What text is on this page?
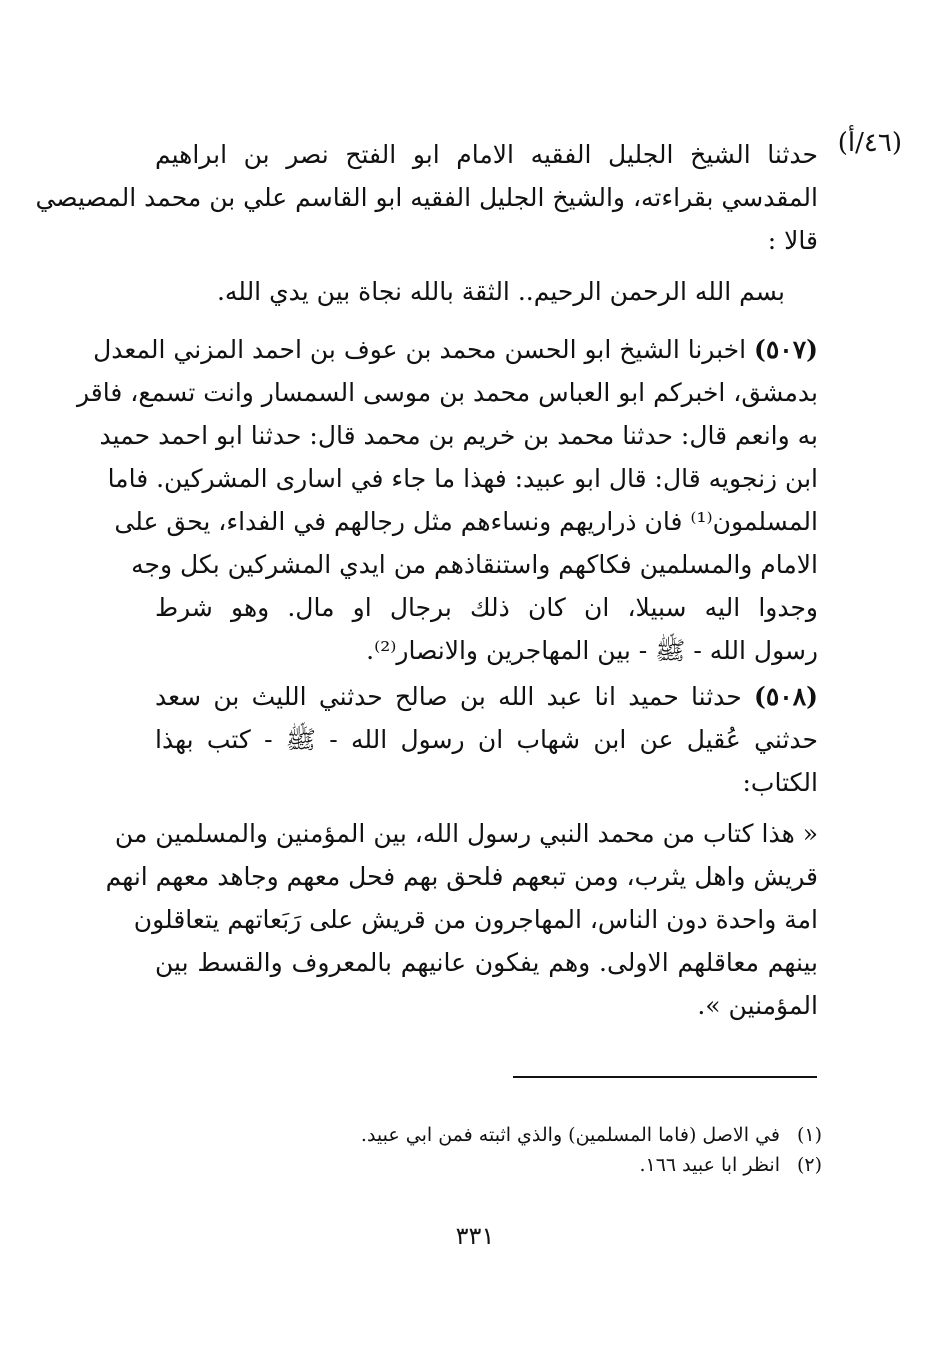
(٤٦/أ)
حدثنا الشيخ الجليل الفقيه الامام ابو الفتح نصر بن ابراهيم
المقدسي بقراءته، والشيخ الجليل الفقيه ابو القاسم علي بن محمد المصيصي
قالا :
بسم الله الرحمن الرحيم.. الثقة بالله نجاة بين يدي الله.
(٥٠٧) اخبرنا الشيخ ابو الحسن محمد بن عوف بن احمد المزني المعدل
بدمشق، اخبركم ابو العباس محمد بن موسى السمسار وانت تسمع، فاقر
به وانعم قال: حدثنا محمد بن خريم بن محمد قال: حدثنا ابو احمد حميد
ابن زنجويه قال: قال ابو عبيد: فهذا ما جاء في اسارى المشركين. فاما
المسلمون⁽¹⁾ فان ذراريهم ونساءهم مثل رجالهم في الفداء، يحق على
الامام والمسلمين فكاكهم واستنقاذهم من ايدي المشركين بكل وجه
وجدوا اليه سبيلا، ان كان ذلك برجال او مال. وهو شرط
رسول الله - ﷺ - بين المهاجرين والانصار⁽²⁾.
(٥٠٨) حدثنا حميد انا عبد الله بن صالح حدثني الليث بن سعد
حدثني عُقيل عن ابن شهاب ان رسول الله - ﷺ - كتب بهذا
الكتاب:
« هذا كتاب من محمد النبي رسول الله، بين المؤمنين والمسلمين من
قريش واهل يثرب، ومن تبعهم فلحق بهم فحل معهم وجاهد معهم انهم
امة واحدة دون الناس، المهاجرون من قريش على رَبَعاتهم يتعاقلون
بينهم معاقلهم الاولى. وهم يفكون عانيهم بالمعروف والقسط بين
المؤمنين ».
(١)في الاصل (فاما المسلمين) والذي اثبته فمن ابي عبيد.
(٢)انظر ابا عبيد ١٦٦.
٣٣١
